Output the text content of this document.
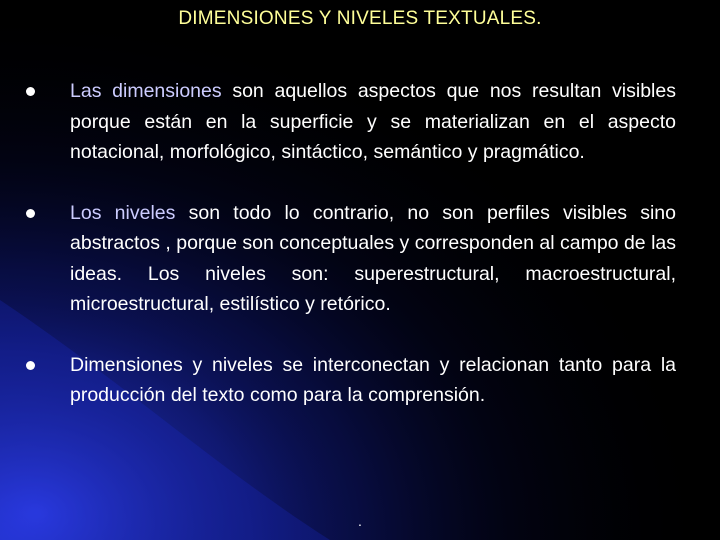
DIMENSIONES Y NIVELES TEXTUALES.
Las dimensiones son aquellos aspectos que nos resultan visibles porque están en la superficie y se materializan en el aspecto notacional, morfológico, sintáctico, semántico y pragmático.
Los niveles son todo lo contrario, no son perfiles visibles sino abstractos , porque son conceptuales y corresponden al campo de las ideas. Los niveles son: superestructural, macroestructural, microestructural, estilístico y retórico.
Dimensiones y niveles se interconectan y relacionan tanto para la producción del texto como para la comprensión.
.
